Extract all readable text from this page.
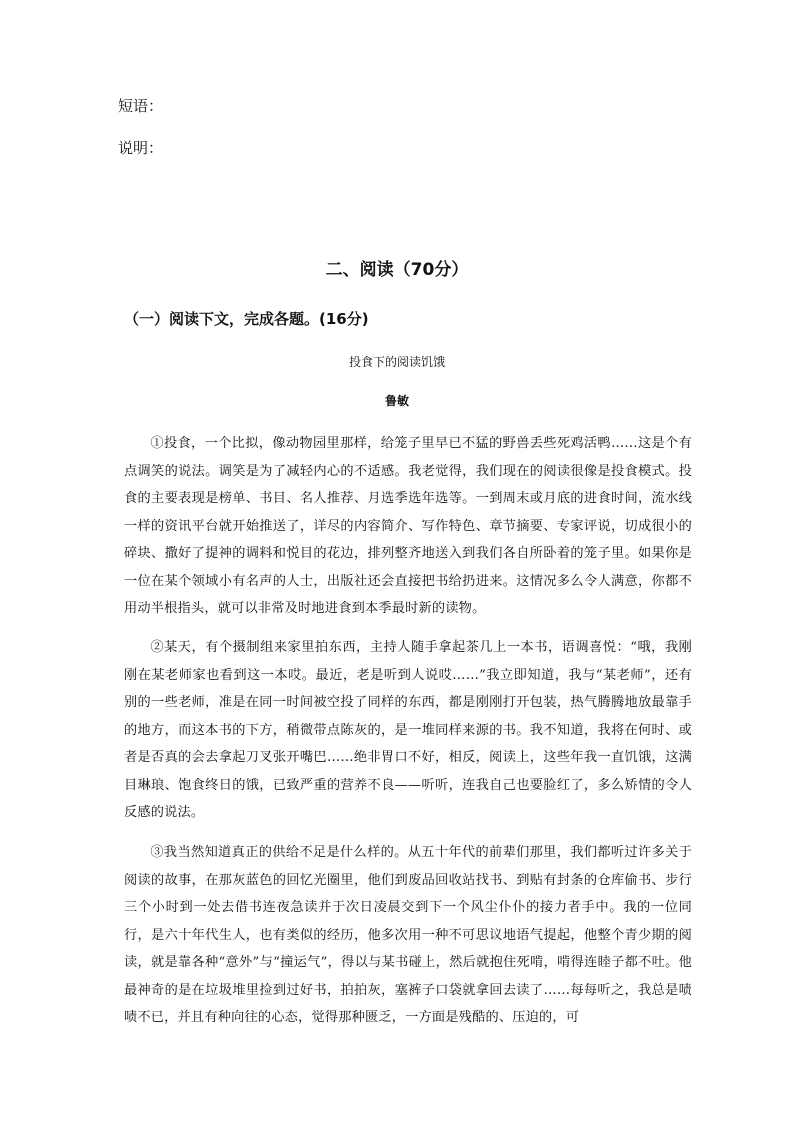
短语：
说明：
二、阅读（70分）
（一）阅读下文，完成各题。(16分)
投食下的阅读饥饿
鲁敏

①投食，一个比拟，像动物园里那样，给笼子里早已不猛的野兽丢些死鸡活鸭……这是个有点调笑的说法。调笑是为了减轻内心的不适感。我老觉得，我们现在的阅读很像是投食模式。投食的主要表现是榜单、书目、名人推荐、月选季选年选等。一到周末或月底的进食时间，流水线一样的资讯平台就开始推送了，详尽的内容简介、写作特色、章节摘要、专家评说，切成很小的碎块、撒好了提神的调料和悦目的花边，排列整齐地送入到我们各自所卧着的笼子里。如果你是一位在某个领域小有名声的人士，出版社还会直接把书给扔进来。这情况多么令人满意，你都不用动半根指头，就可以非常及时地进食到本季最时新的读物。

②某天，有个摄制组来家里拍东西，主持人随手拿起茶几上一本书，语调喜悦：“哦，我刚刚在某老师家也看到这一本哎。最近，老是听到人说哎……”我立即知道，我与“某老师”，还有别的一些老师，准是在同一时间被空投了同样的东西，都是刚刚打开包装，热气腾腾地放最靠手的地方，而这本书的下方，稍微带点陈灰的，是一堆同样来源的书。我不知道，我将在何时、或者是否真的会去拿起刀叉张开嘴巴……绝非胃口不好，相反，阅读上，这些年我一直饥饿，这满目琳琅、饱食终日的饿，已致严重的营养不良——听听，连我自己也要脸红了，多么矫情的令人反感的说法。

③我当然知道真正的供给不足是什么样的。从五十年代的前辈们那里，我们都听过许多关于阅读的故事，在那灰蓝色的回忆光圈里，他们到废品回收站找书、到贴有封条的仓库偷书、步行三个小时到一处去借书连夜急读并于次日凌晨交到下一个风尘仆仆的接力者手中。我的一位同行，是六十年代生人，也有类似的经历，他多次用一种不可思议地语气提起，他整个青少期的阅读，就是靠各种“意外”与“撞运气”，得以与某书碰上，然后就抱住死啃，啃得连睦子都不吐。他最神奇的是在垃圾堆里捡到过好书，拍拍灰，塞裤子口袋就拿回去读了……每每听之，我总是啧啧不已，并且有种向往的心态，觉得那种匮乏，一方面是残酷的、压迫的，可
